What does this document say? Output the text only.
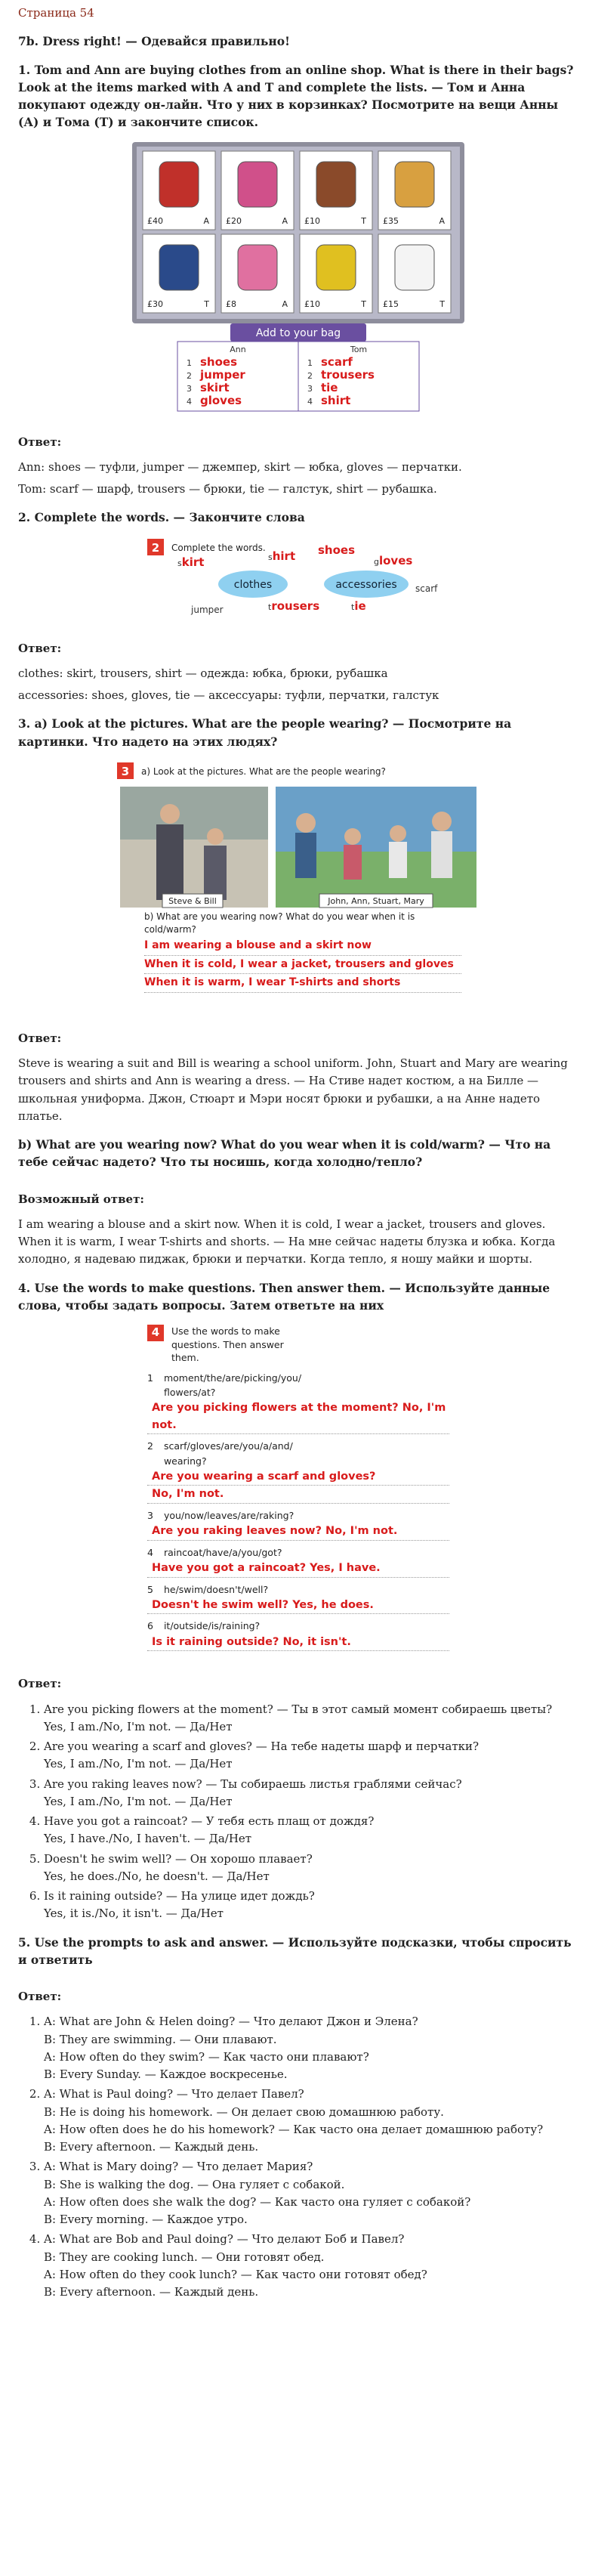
Страница 54
7b. Dress right! — Одевайся правильно!
1. Tom and Ann are buying clothes from an online shop. What is there in their bags? Look at the items marked with A and T and complete the lists. — Том и Анна покупают одежду он-лайн. Что у них в корзинках? Посмотрите на вещи Анны (А) и Тома (Т) и закончите список.
£40	A £20	A £10	T £35	A
£30	T £8	A £10	T £15	T
Add to your bag
Ann	Tom
1 shoes	1 scarf
2 jumper	2 trousers
3 skirt	3 tie
4 gloves	4 shirt
Ответ:

Ann: shoes — туфли, jumper — джемпер, skirt — юбка, gloves — перчатки.

Tom: scarf — шарф, trousers — брюки, tie — галстук, shirt — рубашка.

2. Complete the words. — Закончите слова
2 Complete the words.
clothes	accessories
jumper
scarf
skirt	shirt shoes
gloves
trousers	tie
Ответ:

clothes: skirt, trousers, shirt — одежда: юбка, брюки, рубашка

accessories: shoes, gloves, tie — аксессуары: туфли, перчатки, галстук

3. a) Look at the pictures. What are the people wearing? — Посмотрите на картинки. Что надето на этих людях?
3 a) Look at the pictures. What are the people wearing?
Steve & Bill	John, Ann, Stuart, Mary
b) What are you wearing now? What do you wear when it is cold/warm?
I am wearing a blouse and a skirt now
When it is cold, I wear a jacket, trousers and gloves
When it is warm, I wear T-shirts and shorts
Ответ:

Steve is wearing a suit and Bill is wearing a school uniform. John, Stuart and Mary are wearing trousers and shirts and Ann is wearing a dress. — На Стиве надет костюм, а на Билле — школьная униформа. Джон, Стюарт и Мэри носят брюки и рубашки, а на Анне надето платье.

b) What are you wearing now? What do you wear when it is cold/warm? — Что на тебе сейчас надето? Что ты носишь, когда холодно/тепло?
Возможный ответ:

I am wearing a blouse and a skirt now. When it is cold, I wear a jacket, trousers and gloves. When it is warm, I wear T-shirts and shorts. — На мне сейчас надеты блузка и юбка. Когда холодно, я надеваю пиджак, брюки и перчатки. Когда тепло, я ношу майки и шорты.

4. Use the words to make questions. Then answer them. — Используйте данные слова, чтобы задать вопросы. Затем ответьте на них
4	Use the words to make questions. Then answer them.
1 moment/the/are/picking/you/ flowers/at?
Are you picking flowers at the moment? No, I'm not.
2 scarf/gloves/are/you/a/and/ wearing?
Are you wearing a scarf and gloves?
No, I'm not.
3 you/now/leaves/are/raking?
Are you raking leaves now? No, I'm not.
4 raincoat/have/a/you/got?
Have you got a raincoat? Yes, I have.
5 he/swim/doesn't/well?
Doesn't he swim well? Yes, he does.
6 it/outside/is/raining?
Is it raining outside? No, it isn't.
Ответ:
1. Are you picking flowers at the moment? — Ты в этот самый момент собираешь цветы?
Yes, I am./No, I'm not. — Да/Нет
2. Are you wearing a scarf and gloves? — На тебе надеты шарф и перчатки?
Yes, I am./No, I'm not. — Да/Нет
3. Are you raking leaves now? — Ты собираешь листья граблями сейчас?
Yes, I am./No, I'm not. — Да/Нет
4. Have you got a raincoat? — У тебя есть плащ от дождя?
Yes, I have./No, I haven't. — Да/Нет
5. Doesn't he swim well? — Он хорошо плавает?
Yes, he does./No, he doesn't. — Да/Нет
6. Is it raining outside? — На улице идет дождь?
Yes, it is./No, it isn't. — Да/Нет
5. Use the prompts to ask and answer. — Используйте подсказки, чтобы спросить и ответить
Ответ:
1. A: What are John & Helen doing? — Что делают Джон и Элена?
B: They are swimming. — Они плавают.
A: How often do they swim? — Как часто они плавают?
B: Every Sunday. — Каждое воскресенье.
2. A: What is Paul doing? — Что делает Павел?
B: He is doing his homework. — Он делает свою домашнюю работу.
A: How often does he do his homework? — Как часто она делает домашнюю работу?
B: Every afternoon. — Каждый день.
3. A: What is Mary doing? — Что делает Мария?
B: She is walking the dog. — Она гуляет с собакой.
A: How often does she walk the dog? — Как часто она гуляет с собакой?
B: Every morning. — Каждое утро.
4. A: What are Bob and Paul doing? — Что делают Боб и Павел?
B: They are cooking lunch. — Они готовят обед.
A: How often do they cook lunch? — Как часто они готовят обед?
B: Every afternoon. — Каждый день.
